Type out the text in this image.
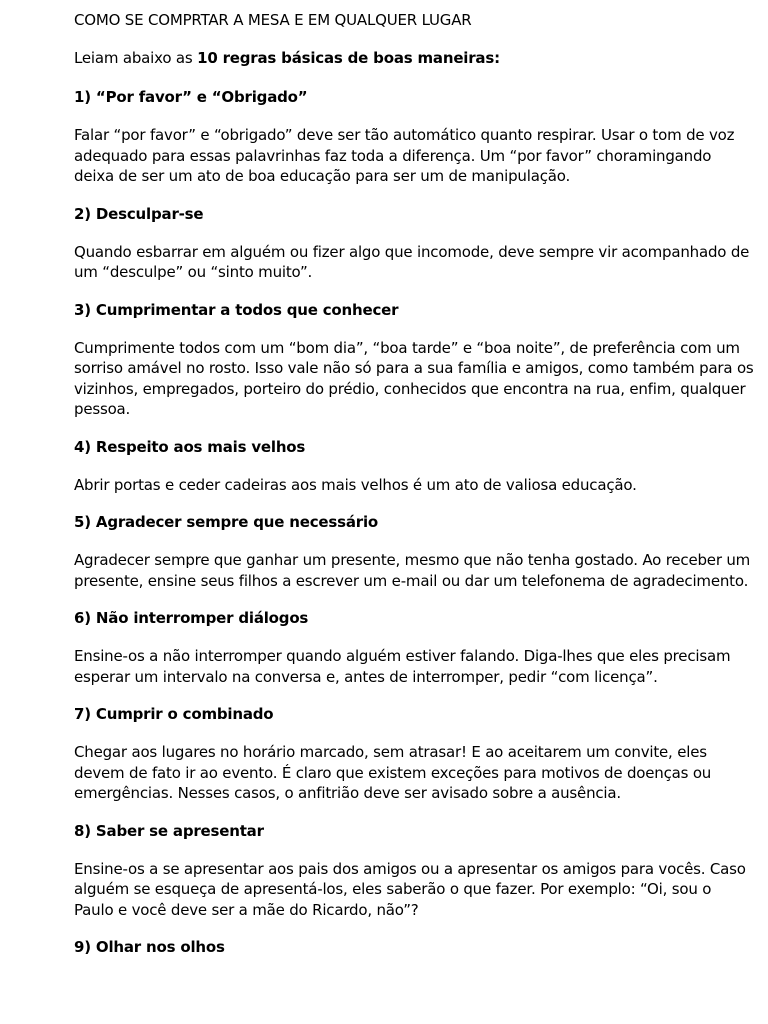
COMO SE COMPRTAR A MESA E EM QUALQUER LUGAR

Leiam abaixo as 10 regras básicas de boas maneiras:

1) “Por favor” e “Obrigado”

Falar “por favor” e “obrigado” deve ser tão automático quanto respirar. Usar o tom de voz adequado para essas palavrinhas faz toda a diferença. Um “por favor” choramingando deixa de ser um ato de boa educação para ser um de manipulação.

2) Desculpar-se

Quando esbarrar em alguém ou fizer algo que incomode, deve sempre vir acompanhado de um “desculpe” ou “sinto muito”.

3) Cumprimentar a todos que conhecer

Cumprimente todos com um “bom dia”, “boa tarde” e “boa noite”, de preferência com um sorriso amável no rosto. Isso vale não só para a sua família e amigos, como também para os vizinhos, empregados, porteiro do prédio, conhecidos que encontra na rua, enfim, qualquer pessoa.

4) Respeito aos mais velhos

Abrir portas e ceder cadeiras aos mais velhos é um ato de valiosa educação.

5) Agradecer sempre que necessário

Agradecer sempre que ganhar um presente, mesmo que não tenha gostado. Ao receber um presente, ensine seus filhos a escrever um e-mail ou dar um telefonema de agradecimento.

6) Não interromper diálogos

Ensine-os a não interromper quando alguém estiver falando. Diga-lhes que eles precisam esperar um intervalo na conversa e, antes de interromper, pedir “com licença”.

7) Cumprir o combinado

Chegar aos lugares no horário marcado, sem atrasar! E ao aceitarem um convite, eles devem de fato ir ao evento. É claro que existem exceções para motivos de doenças ou emergências. Nesses casos, o anfitrião deve ser avisado sobre a ausência.

8) Saber se apresentar

Ensine-os a se apresentar aos pais dos amigos ou a apresentar os amigos para vocês. Caso alguém se esqueça de apresentá-los, eles saberão o que fazer. Por exemplo: “Oi, sou o Paulo e você deve ser a mãe do Ricardo, não”?

9) Olhar nos olhos
